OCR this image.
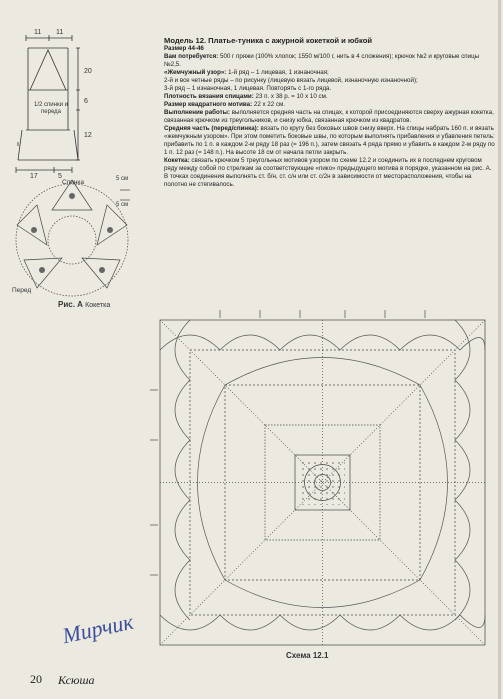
11 11
20
6
12
17	5
1/2 спинки и переда
Спинка	5 см
5 см
Перед
Рис. А Кокетка

Модель 12. Платье-туника с ажурной кокеткой и юбкой

Размер 44-46

Вам потребуется: 500 г пряжи (100% хлопок; 1550 м/100 г, нить в 4 сложения); крючок №2 и круговые спицы №2,5.

«Жемчужный узор»: 1-й ряд – 1 лицевая, 1 изнаночная;

2-й и все четные ряды – по рисунку (лицевую вязать лицевой, изнаночную изнаночной);

3-й ряд – 1 изнаночная, 1 лицевая. Повторять с 1-го ряда.

Плотность вязания спицами: 23 п. х 38 р. = 10 х 10 см.

Размер квадратного мотива: 22 х 22 см.

Выполнение работы: выполняется средняя часть на спицах, к которой присоединяются сверху ажурная кокетка, связанная крючком из треугольников, и снизу юбка, связанная крючком из квадратов.

Средняя часть (перед/спинка): вязать по кругу без боковых швов снизу вверх. На спицы набрать 160 п. и вязать «жемчужным узором». При этом пометить боковые швы, по которым выполнять прибавления и убавления петель: прибавить по 1 п. в каждом 2-м ряду 18 раз (= 196 п.), затем связать 4 ряда прямо и убавить в каждом 2-м ряду по 1 п. 12 раз (= 148 п.). На высоте 18 см от начала петли закрыть.

Кокетка: связать крючком 5 треугольных мотивов узором по схеме 12.2 и соединить их в последнем круговом ряду между собой по стрелкам за соответствующие «пико» предыдущего мотива в порядке, указанном на рис. А. В точках соединения выполнять ст. б/н, ст. с/н или ст. с/2н в зависимости от месторасположения, чтобы на полотно не стягивалось.

Схема 12.1
Мирчик
20 Ксюша
